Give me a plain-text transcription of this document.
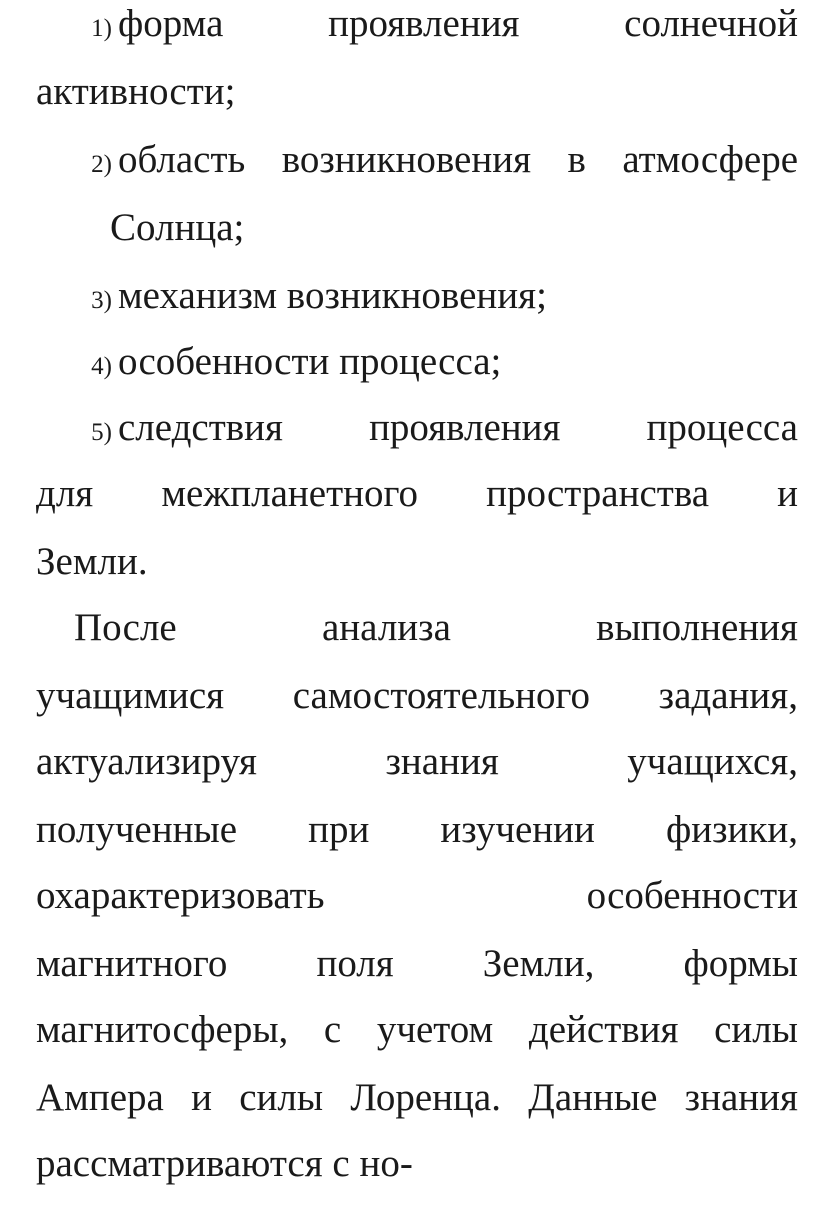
1) форма	проявления	солнечной
активности;
2) область возникновения в атмосфере
Солнца;
3) механизм возникновения;
4) особенности процесса;
5) следствия проявления процесса
для межпланетного пространства и
Земли.
После	анализа	выполнения
учащимися самостоятельного задания,
актуализируя	знания	учащихся,
полученные при изучении физики,
охарактеризовать	особенности
магнитного поля Земли, формы
магнитосферы, с учетом действия силы
Ампера и силы Лоренца. Данные знания
рассматриваются с но-
